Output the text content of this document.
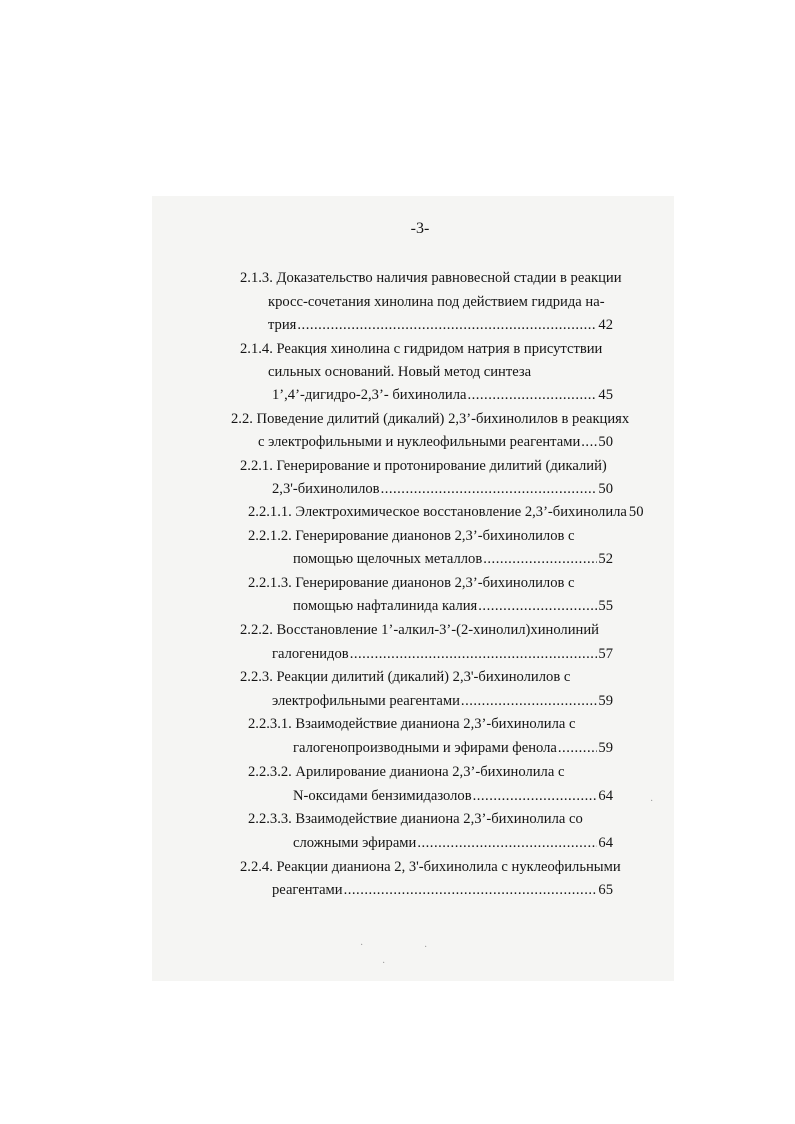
-3-
2.1.3. Доказательство наличия равновесной стадии в реакции
кросс-сочетания хинолина под действием гидрида на-
трия .....	42
2.1.4. Реакция хинолина с гидридом натрия в присутствии
сильных оснований. Новый метод синтеза
1’,4’-дигидро-2,3’- бихинолила .....	45
2.2. Поведение дилитий (дикалий) 2,3’-бихинолилов в реакциях
с электрофильными и нуклеофильными реагентами ..... 50
2.2.1. Генерирование и протонирование дилитий (дикалий)
2,3'-бихинолилов .....	50
2.2.1.1. Электрохимическое восстановление 2,3’-бихинолила 50
2.2.1.2. Генерирование дианонов 2,3’-бихинолилов с
помощью щелочных металлов .....	52
2.2.1.3. Генерирование дианонов 2,3’-бихинолилов с
помощью нафталинида калия .....	55
2.2.2. Восстановление 1’-алкил-3’-(2-хинолил)хинолиний
галогенидов .....	57
2.2.3. Реакции дилитий (дикалий) 2,3'-бихинолилов с
электрофильными реагентами .....	59
2.2.3.1. Взаимодействие дианиона 2,3’-бихинолила с
галогенопроизводными и эфирами фенола .....	59
2.2.3.2. Арилирование дианиона 2,3’-бихинолила с
N-оксидами бензимидазолов .....	64
2.2.3.3. Взаимодействие дианиона 2,3’-бихинолила со
сложными эфирами .....	64
2.2.4. Реакции дианиона 2, 3'-бихинолила с нуклеофильными
реагентами .....	65
·
·
·
·
